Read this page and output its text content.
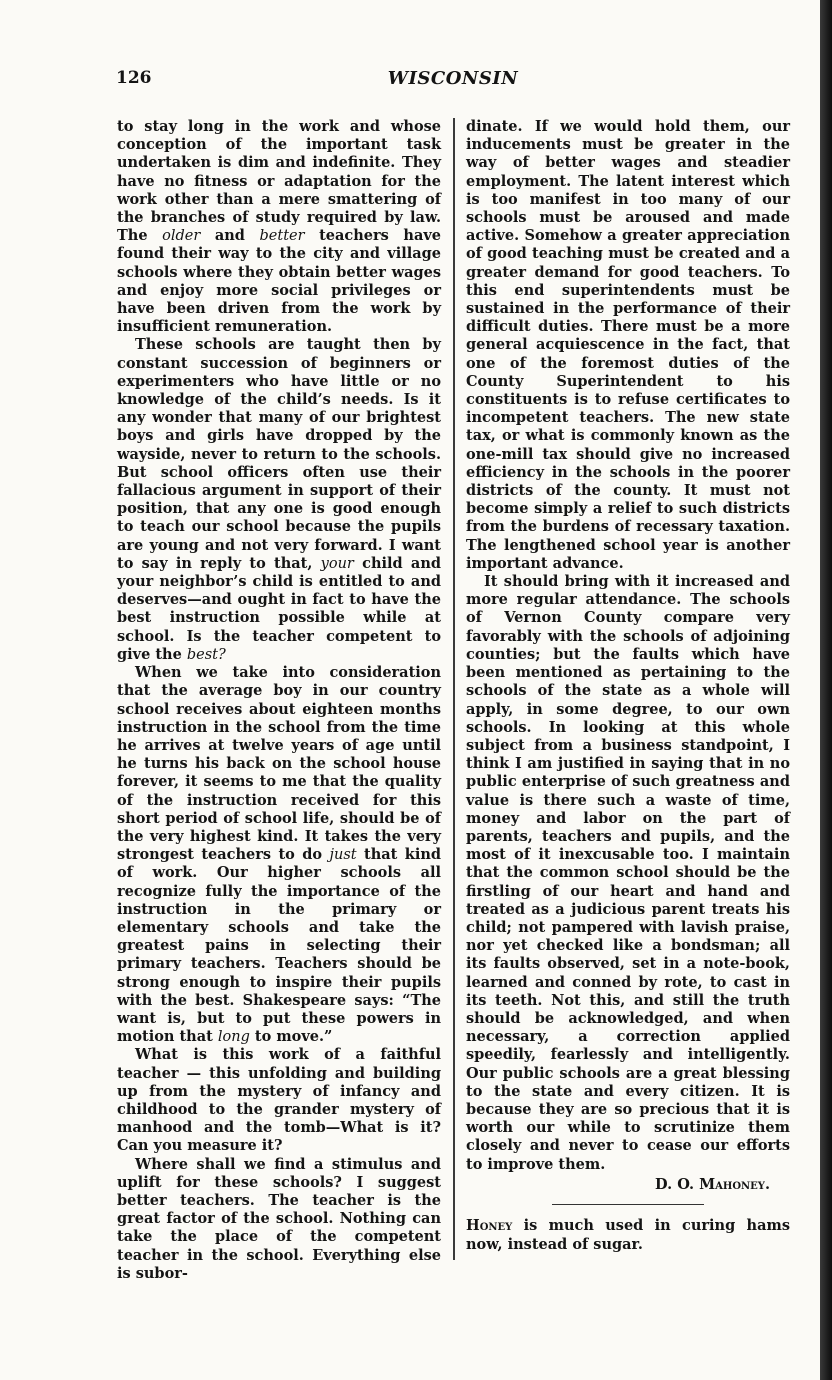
126	WISCONSIN

to stay long in the work and whose conception of the important task undertaken is dim and indefinite. They have no fitness or adaptation for the work other than a mere smattering of the branches of study required by law. The older and better teachers have found their way to the city and village schools where they obtain better wages and enjoy more social privileges or have been driven from the work by insufficient remuneration.

These schools are taught then by constant succession of beginners or experimenters who have little or no knowledge of the child’s needs. Is it any wonder that many of our brightest boys and girls have dropped by the wayside, never to return to the schools. But school officers often use their fallacious argument in support of their position, that any one is good enough to teach our school because the pupils are young and not very forward. I want to say in reply to that, your child and your neighbor’s child is entitled to and deserves—and ought in fact to have the best instruction possible while at school. Is the teacher competent to give the best?

When we take into consideration that the average boy in our country school receives about eighteen months instruction in the school from the time he arrives at twelve years of age until he turns his back on the school house forever, it seems to me that the quality of the instruction received for this short period of school life, should be of the very highest kind. It takes the very strongest teachers to do just that kind of work. Our higher schools all recognize fully the importance of the instruction in the primary or elementary schools and take the greatest pains in selecting their primary teachers. Teachers should be strong enough to inspire their pupils with the best. Shakespeare says: “The want is, but to put these powers in motion that long to move.”

What is this work of a faithful teacher — this unfolding and building up from the mystery of infancy and childhood to the grander mystery of manhood and the tomb—What is it? Can you measure it?

Where shall we find a stimulus and uplift for these schools? I suggest better teachers. The teacher is the great factor of the school. Nothing can take the place of the competent teacher in the school. Everything else is subor-

dinate. If we would hold them, our inducements must be greater in the way of better wages and steadier employment. The latent interest which is too manifest in too many of our schools must be aroused and made active. Somehow a greater appreciation of good teaching must be created and a greater demand for good teachers. To this end superintendents must be sustained in the performance of their difficult duties. There must be a more general acquiescence in the fact, that one of the foremost duties of the County Superintendent to his constituents is to refuse certificates to incompetent teachers. The new state tax, or what is commonly known as the one-mill tax should give no increased efficiency in the schools in the poorer districts of the county. It must not become simply a relief to such districts from the burdens of recessary taxation. The lengthened school year is another important advance.

It should bring with it increased and more regular attendance. The schools of Vernon County compare very favorably with the schools of adjoining counties; but the faults which have been mentioned as pertaining to the schools of the state as a whole will apply, in some degree, to our own schools. In looking at this whole subject from a business standpoint, I think I am justified in saying that in no public enterprise of such greatness and value is there such a waste of time, money and labor on the part of parents, teachers and pupils, and the most of it inexcusable too. I maintain that the common school should be the firstling of our heart and hand and treated as a judicious parent treats his child; not pampered with lavish praise, nor yet checked like a bondsman; all its faults observed, set in a note-book, learned and conned by rote, to cast in its teeth. Not this, and still the truth should be acknowledged, and when necessary, a correction applied speedily, fearlessly and intelligently. Our public schools are a great blessing to the state and every citizen. It is because they are so precious that it is worth our while to scrutinize them closely and never to cease our efforts to improve them.

D. O. Mahoney.

Honey is much used in curing hams now, instead of sugar.
